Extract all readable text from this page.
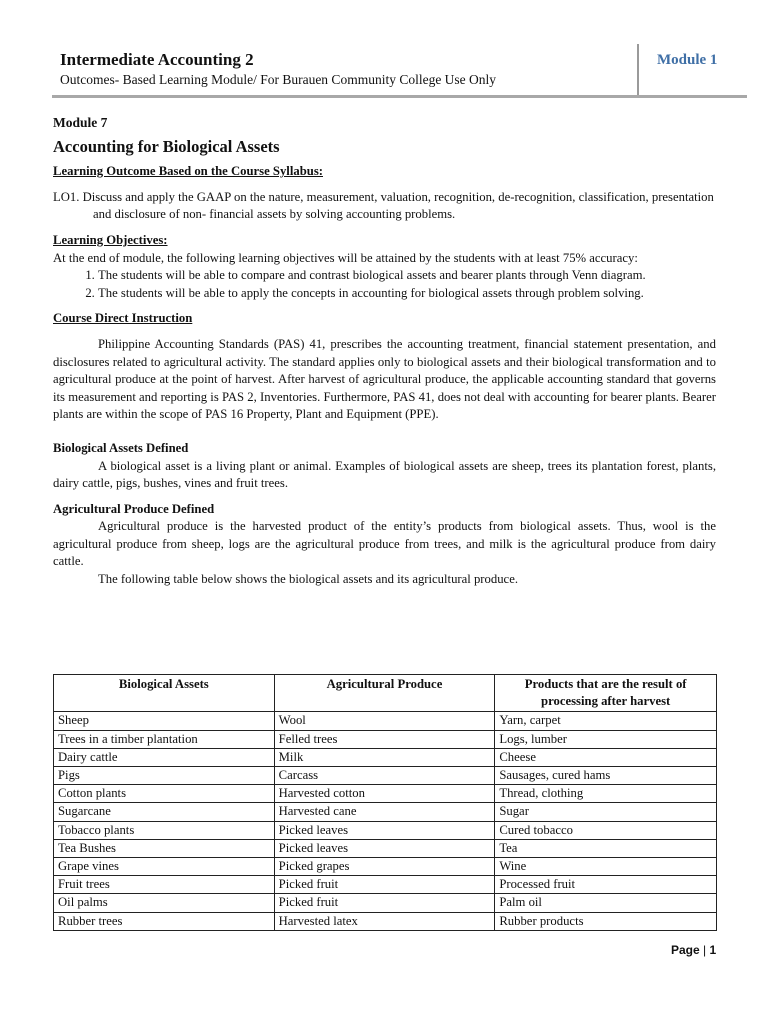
Intermediate Accounting 2
Outcomes- Based Learning Module/ For Burauen Community College Use Only
Module 1

Module 7

Accounting for Biological Assets

Learning Outcome Based on the Course Syllabus:

LO1. Discuss and apply the GAAP on the nature, measurement, valuation, recognition, de-recognition, classification, presentation and disclosure of non- financial assets by solving accounting problems.

Learning Objectives:

At the end of module, the following learning objectives will be attained by the students with at least 75% accuracy:

1. The students will be able to compare and contrast biological assets and bearer plants through Venn diagram.
2. The students will be able to apply the concepts in accounting for biological assets through problem solving.

Course Direct Instruction

Philippine Accounting Standards (PAS) 41, prescribes the accounting treatment, financial statement presentation, and disclosures related to agricultural activity. The standard applies only to biological assets and their biological transformation and to agricultural produce at the point of harvest. After harvest of agricultural produce, the applicable accounting standard that governs its measurement and reporting is PAS 2, Inventories. Furthermore, PAS 41, does not deal with accounting for bearer plants. Bearer plants are within the scope of PAS 16 Property, Plant and Equipment (PPE).

Biological Assets Defined

A biological asset is a living plant or animal. Examples of biological assets are sheep, trees its plantation forest, plants, dairy cattle, pigs, bushes, vines and fruit trees.

Agricultural Produce Defined

Agricultural produce is the harvested product of the entity’s products from biological assets. Thus, wool is the agricultural produce from sheep, logs are the agricultural produce from trees, and milk is the agricultural produce from dairy cattle.

The following table below shows the biological assets and its agricultural produce.

Biological Assets	Agricultural Produce	Products that are the result of processing after harvest
Sheep	Wool	Yarn, carpet
Trees in a timber plantation	Felled trees	Logs, lumber
Dairy cattle	Milk	Cheese
Pigs	Carcass	Sausages, cured hams
Cotton plants	Harvested cotton	Thread, clothing
Sugarcane	Harvested cane	Sugar
Tobacco plants	Picked leaves	Cured tobacco
Tea Bushes	Picked leaves	Tea
Grape vines	Picked grapes	Wine
Fruit trees	Picked fruit	Processed fruit
Oil palms	Picked fruit	Palm oil
Rubber trees	Harvested latex	Rubber products
Page | 1
